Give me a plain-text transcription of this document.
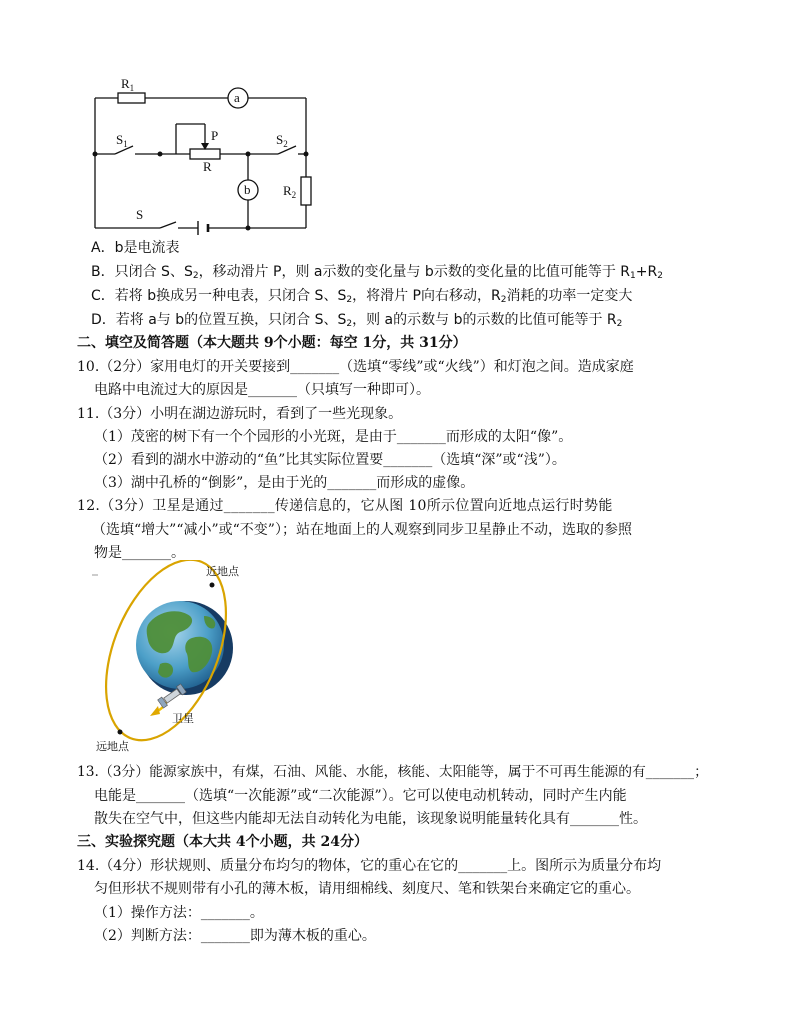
$R_1$
a
b
$S_1$	$S_2$
P
R
$R_2$
S
A．b是电流表
B．只闭合 S、$S_2$，移动滑片 P，则 a示数的变化量与 b示数的变化量的比值可能等于 $R_1+R_2$
C．若将 b换成另一种电表，只闭合 S、$S_2$，将滑片 P向右移动，$R_2$消耗的功率一定变大
D．若将 a与 b的位置互换，只闭合 S、$S_2$，则 a的示数与 b的示数的比值可能等于 $R_2$
二、填空及简答题（本大题共 9个小题：每空 1分，共 31分）
10.（2分）家用电灯的开关要接到_______（选填“零线”或“火线”）和灯泡之间。造成家庭
电路中电流过大的原因是_______（只填写一种即可）。
11.（3分）小明在湖边游玩时，看到了一些光现象。
（1）茂密的树下有一个个园形的小光斑，是由于_______而形成的太阳“像”。
（2）看到的湖水中游动的“鱼”比其实际位置要_______（选填“深”或“浅”）。
（3）湖中孔桥的“倒影”，是由于光的_______而形成的虚像。
12.（3分）卫星是通过_______传递信息的，它从图 10所示位置向近地点运行时势能
（选填“增大”“减小”或“不变”）；站在地面上的人观察到同步卫星静止不动，选取的参照
物是_______。
近地点
远地点
卫星
13.（3分）能源家族中，有煤，石油、风能、水能，核能、太阳能等，属于不可再生能源的有_______；
电能是_______（选填“一次能源”或“二次能源”）。它可以使电动机转动，同时产生内能
散失在空气中，但这些内能却无法自动转化为电能，该现象说明能量转化具有_______性。
三、实验探究题（本大共 4个小题，共 24分）
14.（4分）形状规则、质量分布均匀的物体，它的重心在它的_______上。图所示为质量分布均
匀但形状不规则带有小孔的薄木板，请用细棉线、刻度尺、笔和铁架台来确定它的重心。
（1）操作方法：_______。
（2）判断方法：_______即为薄木板的重心。
